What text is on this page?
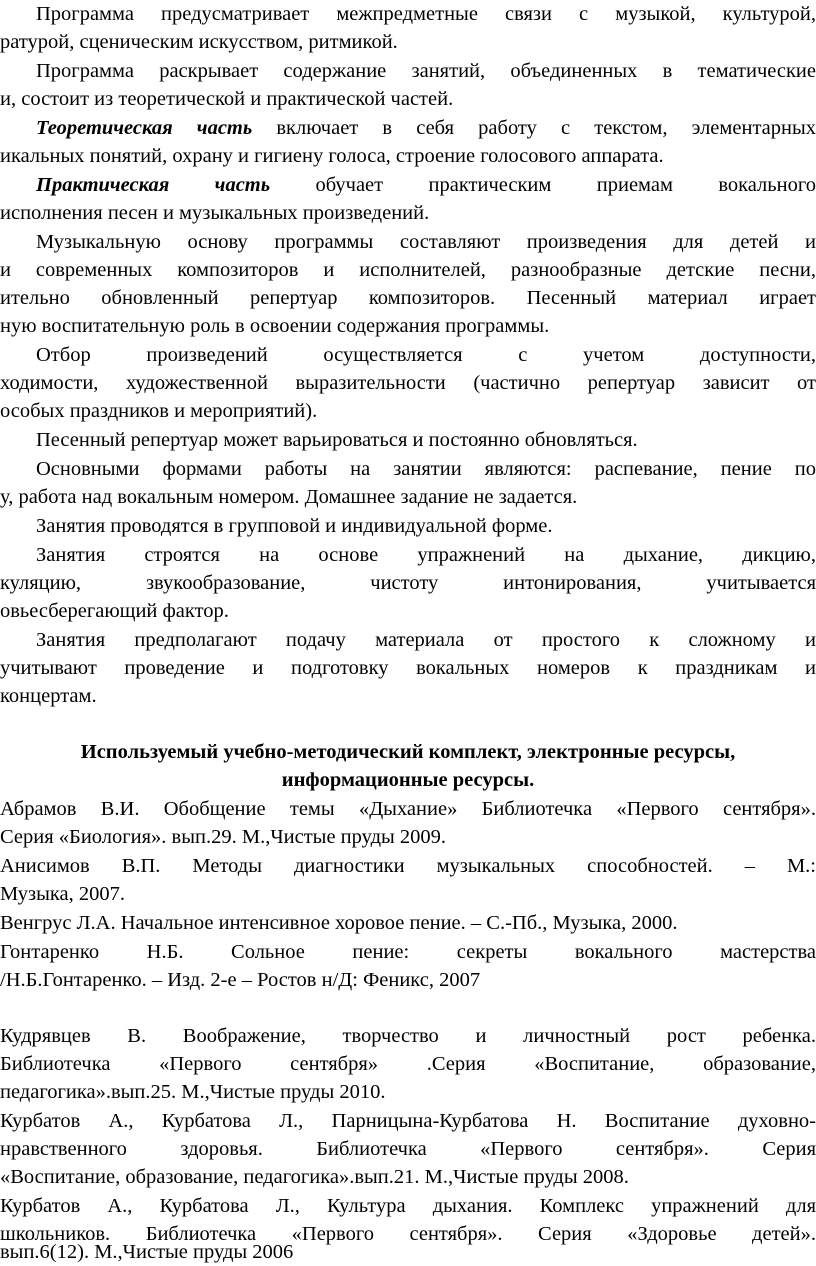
Программа предусматривает межпредметные связи с музыкой, культурой,

ратурой, сценическим искусством, ритмикой.

Программа раскрывает содержание занятий, объединенных в тематические

и, состоит из теоретической и практической частей.

Теоретическая часть включает в себя работу с текстом, элементарных

икальных понятий, охрану и гигиену голоса, строение голосового аппарата.

Практическая часть обучает практическим приемам вокального

исполнения песен и музыкальных произведений.

Музыкальную основу программы составляют произведения для детей и

и современных композиторов и исполнителей, разнообразные детские песни,

ительно обновленный репертуар композиторов. Песенный материал играет

ную воспитательную роль в освоении содержания программы.

Отбор произведений осуществляется с учетом доступности,

ходимости, художественной выразительности (частично репертуар зависит от

особых праздников и мероприятий).

Песенный репертуар может варьироваться и постоянно обновляться.

Основными формами работы на занятии являются: распевание, пение по

у, работа над вокальным номером. Домашнее задание не задается.

Занятия проводятся в групповой и индивидуальной форме.

Занятия строятся на основе упражнений на дыхание, дикцию,

куляцию, звукообразование, чистоту интонирования, учитывается

овьесберегающий фактор.

Занятия предполагают подачу материала от простого к сложному и

учитывают проведение и подготовку вокальных номеров к праздникам и

концертам.

Используемый учебно-методический комплект, электронные ресурсы,

информационные ресурсы.

Абрамов В.И. Обобщение темы «Дыхание» Библиотечка «Первого сентября».

Серия «Биология». вып.29. М.,Чистые пруды 2009.

Анисимов В.П. Методы диагностики музыкальных способностей. – М.:

Музыка, 2007.

Венгрус Л.А. Начальное интенсивное хоровое пение. – С.-Пб., Музыка, 2000.

Гонтаренко Н.Б. Сольное пение: секреты вокального мастерства

/Н.Б.Гонтаренко. – Изд. 2-е – Ростов н/Д: Феникс, 2007

Кудрявцев В. Воображение, творчество и личностный рост ребенка.

Библиотечка «Первого сентября» .Серия «Воспитание, образование,

педагогика».вып.25. М.,Чистые пруды 2010.

Курбатов А., Курбатова Л., Парницына-Курбатова Н. Воспитание духовно-

нравственного здоровья. Библиотечка «Первого сентября». Серия

«Воспитание, образование, педагогика».вып.21. М.,Чистые пруды 2008.

Курбатов А., Курбатова Л., Культура дыхания. Комплекс упражнений для

школьников. Библиотечка «Первого сентября». Серия «Здоровье детей».

вып.6(12). М.,Чистые пруды 2006
